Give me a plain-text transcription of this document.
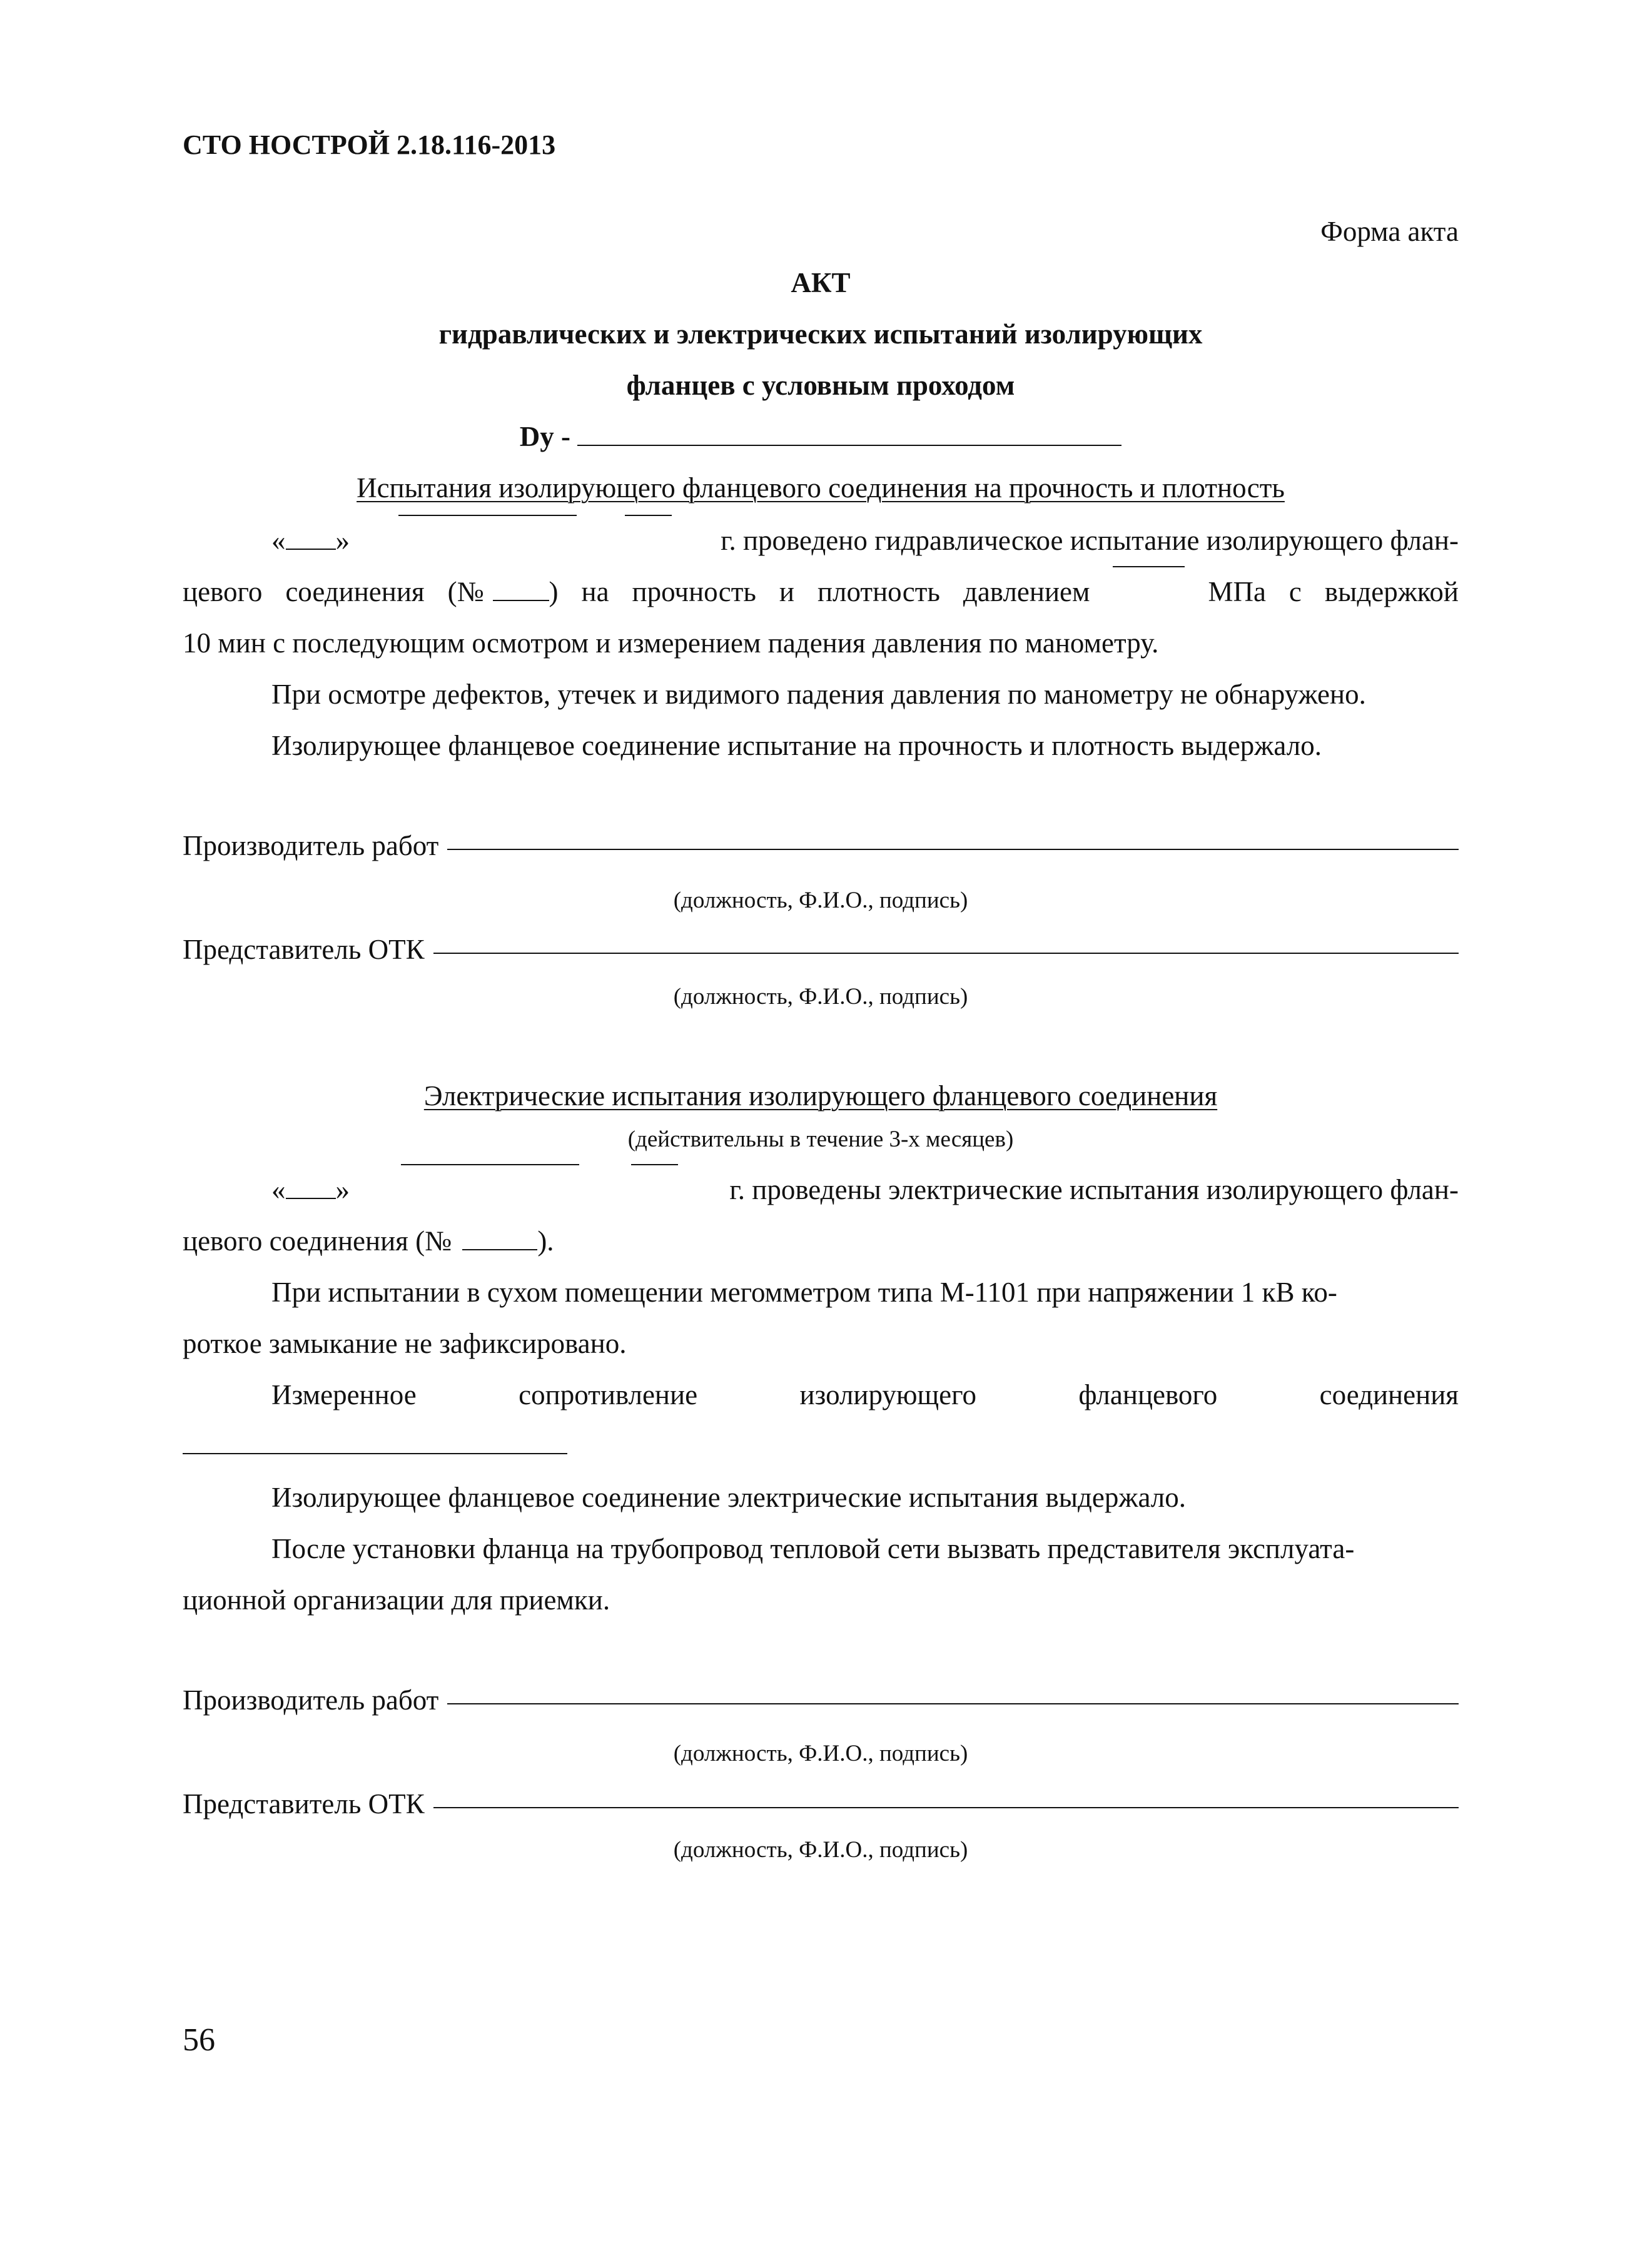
СТО НОСТРОЙ 2.18.116-2013
Форма акта
АКТ
гидравлических и электрических испытаний изолирующих
фланцев с условным проходом
Dy -
Испытания изолирующего фланцевого соединения на прочность и плотность
« »	г. проведено гидравлическое испытание изолирующего флан-
цевого соединения (№ ) на прочность и плотность давлением	МПа с выдержкой
10 мин с последующим осмотром и измерением падения давления по манометру.
При осмотре дефектов, утечек и видимого падения давления по манометру не обнаружено.
Изолирующее фланцевое соединение испытание на прочность и плотность выдержало.
Производитель работ
(должность, Ф.И.О., подпись)
Представитель ОТК
(должность, Ф.И.О., подпись)
Электрические испытания изолирующего фланцевого соединения
(действительны в течение 3-х месяцев)
« »	г. проведены электрические испытания изолирующего флан-
цевого соединения (№	).
При испытании в сухом помещении мегомметром типа М-1101 при напряжении 1 кВ ко-
роткое замыкание не зафиксировано.
Измеренное	сопротивление	изолирующего	фланцевого	соединения
Изолирующее фланцевое соединение электрические испытания выдержало.
После установки фланца на трубопровод тепловой сети вызвать представителя эксплуата-
ционной организации для приемки.
Производитель работ
(должность, Ф.И.О., подпись)
Представитель ОТК
(должность, Ф.И.О., подпись)
56
